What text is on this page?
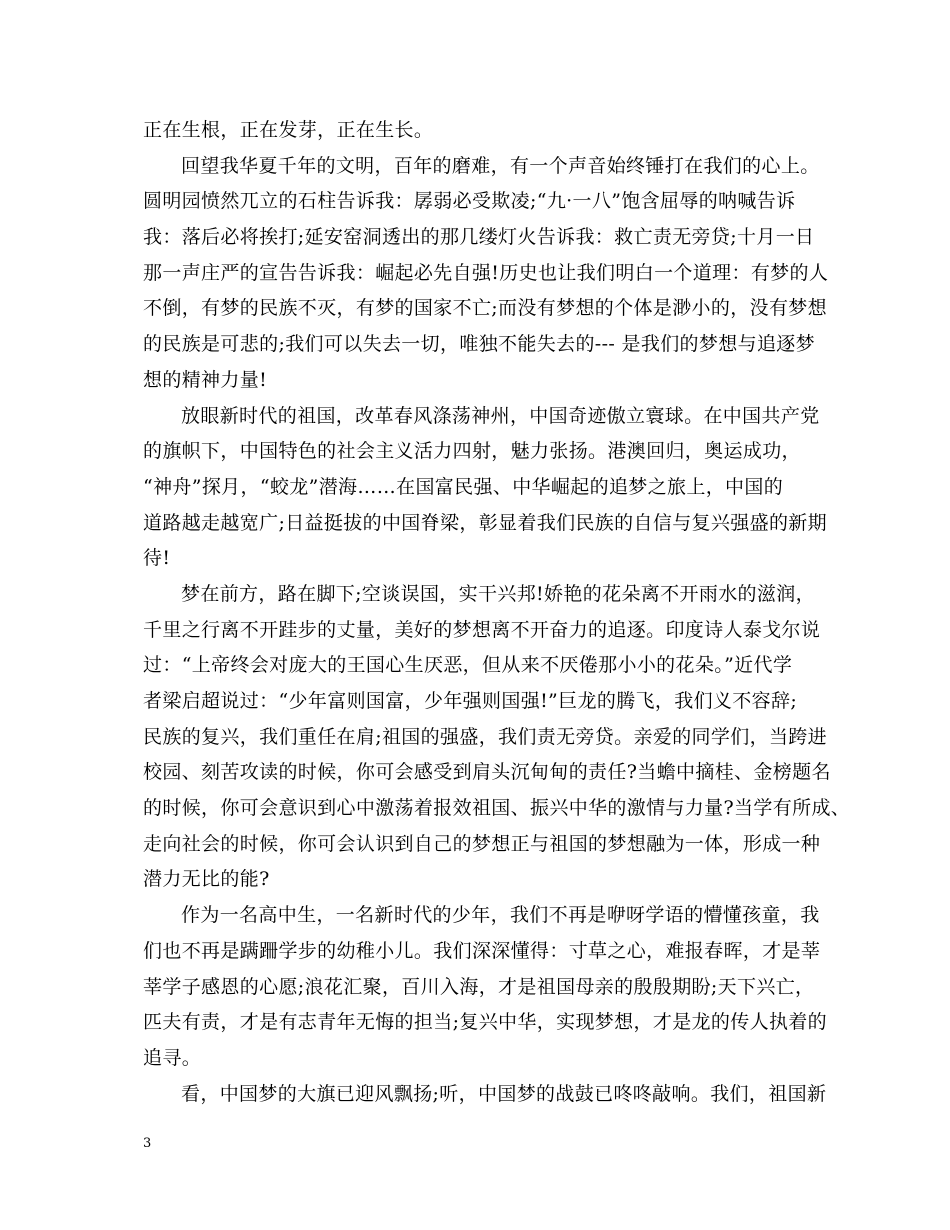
正在生根，正在发芽，正在生长。
回望我华夏千年的文明，百年的磨难，有一个声音始终锤打在我们的心上。
圆明园愤然兀立的石柱告诉我：孱弱必受欺凌;“九·一八”饱含屈辱的呐喊告诉
我：落后必将挨打;延安窑洞透出的那几缕灯火告诉我：救亡责无旁贷;十月一日
那一声庄严的宣告告诉我：崛起必先自强!历史也让我们明白一个道理：有梦的人
不倒，有梦的民族不灭，有梦的国家不亡;而没有梦想的个体是渺小的，没有梦想
的民族是可悲的;我们可以失去一切，唯独不能失去的--- 是我们的梦想与追逐梦
想的精神力量!
放眼新时代的祖国，改革春风涤荡神州，中国奇迹傲立寰球。在中国共产党
的旗帜下，中国特色的社会主义活力四射，魅力张扬。港澳回归，奥运成功，
“神舟”探月，“蛟龙”潜海……在国富民强、中华崛起的追梦之旅上，中国的
道路越走越宽广;日益挺拔的中国脊梁，彰显着我们民族的自信与复兴强盛的新期
待!
梦在前方，路在脚下;空谈误国，实干兴邦!娇艳的花朵离不开雨水的滋润，
千里之行离不开跬步的丈量，美好的梦想离不开奋力的追逐。印度诗人泰戈尔说
过：“上帝终会对庞大的王国心生厌恶，但从来不厌倦那小小的花朵。”近代学
者梁启超说过：“少年富则国富，少年强则国强!”巨龙的腾飞，我们义不容辞;
民族的复兴，我们重任在肩;祖国的强盛，我们责无旁贷。亲爱的同学们，当跨进
校园、刻苦攻读的时候，你可会感受到肩头沉甸甸的责任?当蟾中摘桂、金榜题名
的时候，你可会意识到心中激荡着报效祖国、振兴中华的激情与力量?当学有所成、
走向社会的时候，你可会认识到自己的梦想正与祖国的梦想融为一体，形成一种
潜力无比的能?
作为一名高中生，一名新时代的少年，我们不再是咿呀学语的懵懂孩童，我
们也不再是蹒跚学步的幼稚小儿。我们深深懂得：寸草之心，难报春晖，才是莘
莘学子感恩的心愿;浪花汇聚，百川入海，才是祖国母亲的殷殷期盼;天下兴亡，
匹夫有责，才是有志青年无悔的担当;复兴中华，实现梦想，才是龙的传人执着的
追寻。
看，中国梦的大旗已迎风飘扬;听，中国梦的战鼓已咚咚敲响。我们，祖国新
3
